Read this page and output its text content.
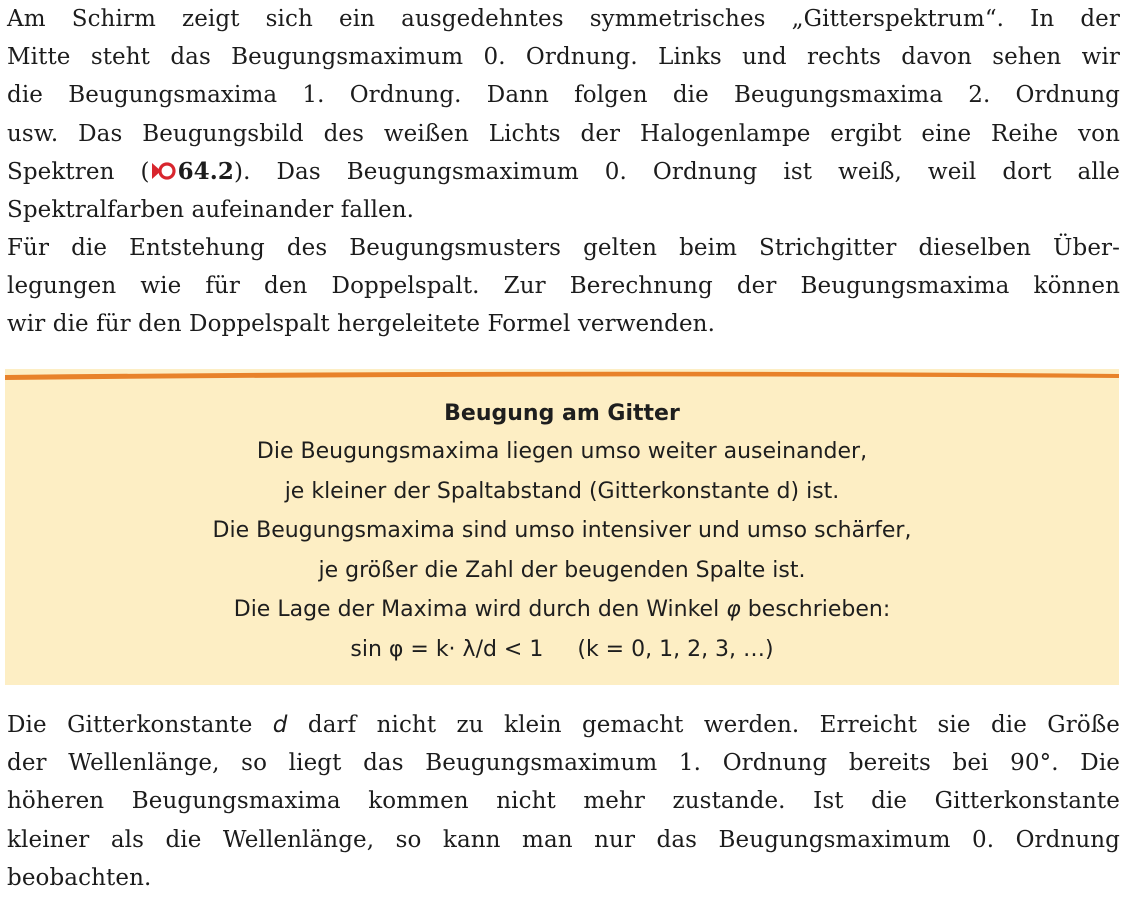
Am Schirm zeigt sich ein ausgedehntes symmetrisches „Gitterspektrum“. In der
Mitte steht das Beugungsmaximum 0. Ordnung. Links und rechts davon sehen wir
die Beugungsmaxima 1. Ordnung. Dann folgen die Beugungsmaxima 2. Ordnung
usw. Das Beugungsbild des weißen Lichts der Halogenlampe ergibt eine Reihe von
Spektren ( 64.2). Das Beugungsmaximum 0. Ordnung ist weiß, weil dort alle
Spektralfarben aufeinander fallen.
Für die Entstehung des Beugungsmusters gelten beim Strichgitter dieselben Über-
legungen wie für den Doppelspalt. Zur Berechnung der Beugungsmaxima können
wir die für den Doppelspalt hergeleitete Formel verwenden.

Beugung am Gitter

Die Beugungsmaxima liegen umso weiter auseinander,

je kleiner der Spaltabstand (Gitterkonstante d) ist.

Die Beugungsmaxima sind umso intensiver und umso schärfer,

je größer die Zahl der beugenden Spalte ist.

Die Lage der Maxima wird durch den Winkel φ beschrieben:

sin φ = k· λ/d < 1 (k = 0, 1, 2, 3, …)

Die Gitterkonstante d darf nicht zu klein gemacht werden. Erreicht sie die Größe
der Wellenlänge, so liegt das Beugungsmaximum 1. Ordnung bereits bei 90°. Die
höheren Beugungsmaxima kommen nicht mehr zustande. Ist die Gitterkonstante
kleiner als die Wellenlänge, so kann man nur das Beugungsmaximum 0. Ordnung
beobachten.
